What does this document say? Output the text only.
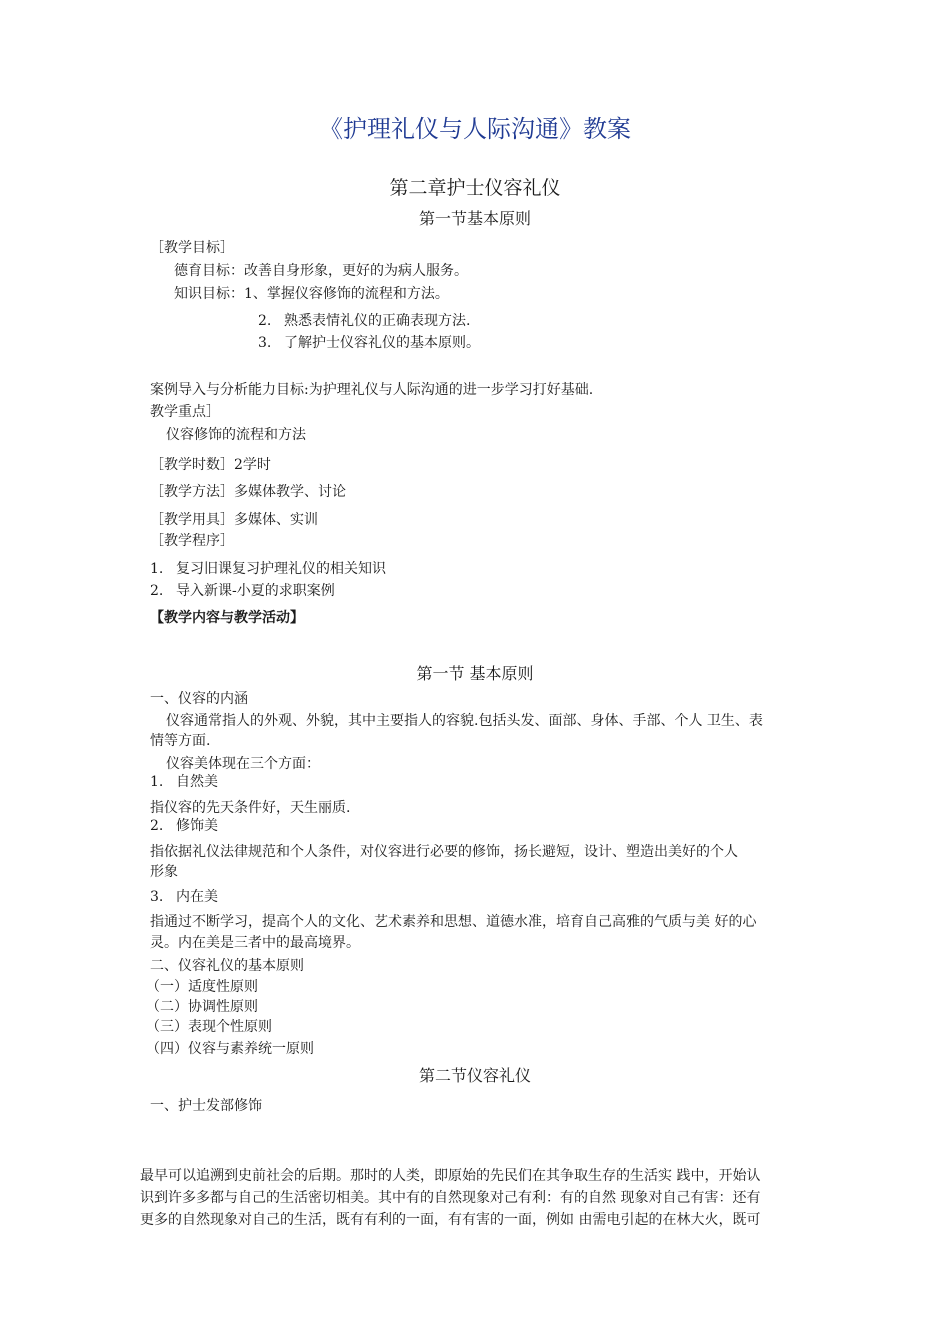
《护理礼仪与人际沟通》教案
第二章护士仪容礼仪
第一节基本原则
［教学目标］
德育目标：改善自身形象，更好的为病人服务。
知识目标：1、掌握仪容修饰的流程和方法。
2. 熟悉表情礼仪的正确表现方法.
3. 了解护士仪容礼仪的基本原则。
案例导入与分析能力目标:为护理礼仪与人际沟通的进一步学习打好基础.
教学重点］
仪容修饰的流程和方法
［教学时数］2学时
［教学方法］多媒体教学、讨论
［教学用具］多媒体、实训
［教学程序］
1. 复习旧课复习护理礼仪的相关知识
2. 导入新课-小夏的求职案例
【教学内容与教学活动】
第一节 基本原则
一、仪容的内涵
仪容通常指人的外观、外貌，其中主要指人的容貌.包括头发、面部、身体、手部、个人 卫生、表
情等方面.
仪容美体现在三个方面：
1. 自然美
指仪容的先天条件好，天生丽质.
2. 修饰美
指依据礼仪法律规范和个人条件，对仪容进行必要的修饰，扬长避短，设计、塑造出美好的个人
形象
3. 内在美
指通过不断学习，提高个人的文化、艺术素养和思想、道德水准，培育自己高雅的气质与美 好的心
灵。内在美是三者中的最高境界。
二、仪容礼仪的基本原则
（一）适度性原则
（二）协调性原则
（三）表现个性原则
（四）仪容与素养统一原则
第二节仪容礼仪
一、护士发部修饰
最早可以追溯到史前社会的后期。那时的人类，即原始的先民们在其争取生存的生活实 践中，开始认
识到许多多都与自己的生活密切相美。其中有的自然现象对己有利：有的自然 现象对自己有害：还有
更多的自然现象对自己的生活，既有有利的一面，有有害的一面，例如 由需电引起的在林大火，既可
